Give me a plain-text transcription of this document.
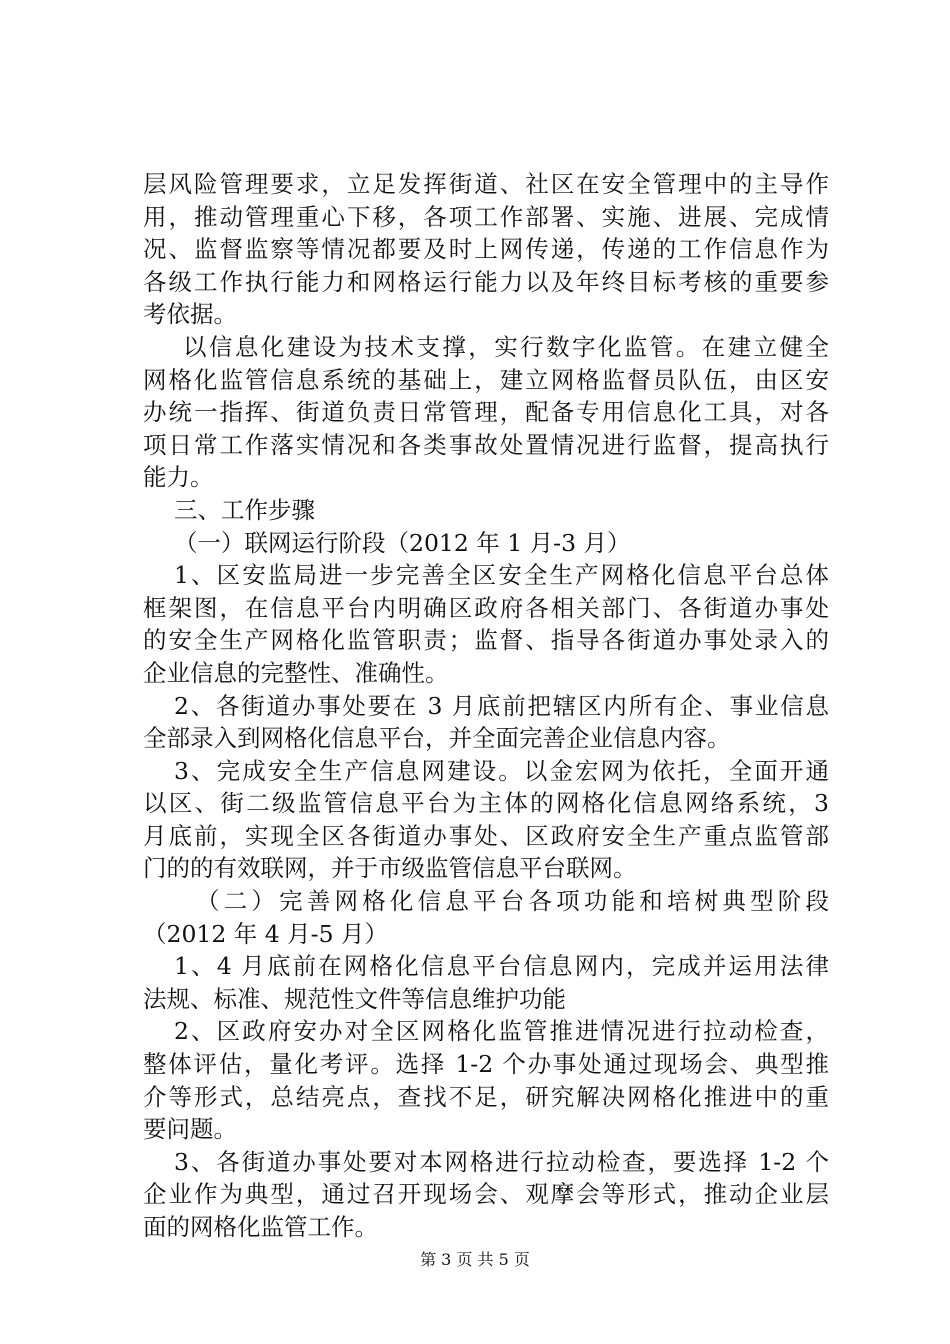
层风险管理要求，立足发挥街道、社区在安全管理中的主导作
用，推动管理重心下移，各项工作部署、实施、进展、完成情
况、监督监察等情况都要及时上网传递，传递的工作信息作为
各级工作执行能力和网格运行能力以及年终目标考核的重要参
考依据。
以信息化建设为技术支撑，实行数字化监管。在建立健全
网格化监管信息系统的基础上，建立网格监督员队伍，由区安
办统一指挥、街道负责日常管理，配备专用信息化工具，对各
项日常工作落实情况和各类事故处置情况进行监督，提高执行
能力。
三、工作步骤
（一）联网运行阶段（2012 年 1 月-3 月）
1、区安监局进一步完善全区安全生产网格化信息平台总体
框架图，在信息平台内明确区政府各相关部门、各街道办事处
的安全生产网格化监管职责；监督、指导各街道办事处录入的
企业信息的完整性、准确性。
2、各街道办事处要在 3 月底前把辖区内所有企、事业信息
全部录入到网格化信息平台，并全面完善企业信息内容。
3、完成安全生产信息网建设。以金宏网为依托，全面开通
以区、街二级监管信息平台为主体的网格化信息网络系统，3
月底前，实现全区各街道办事处、区政府安全生产重点监管部
门的的有效联网，并于市级监管信息平台联网。
（二）完善网格化信息平台各项功能和培树典型阶段
（2012 年 4 月-5 月）
1、4 月底前在网格化信息平台信息网内，完成并运用法律
法规、标准、规范性文件等信息维护功能
2、区政府安办对全区网格化监管推进情况进行拉动检查，
整体评估，量化考评。选择 1-2 个办事处通过现场会、典型推
介等形式，总结亮点，查找不足，研究解决网格化推进中的重
要问题。
3、各街道办事处要对本网格进行拉动检查，要选择 1-2 个
企业作为典型，通过召开现场会、观摩会等形式，推动企业层
面的网格化监管工作。
第 3 页 共 5 页
